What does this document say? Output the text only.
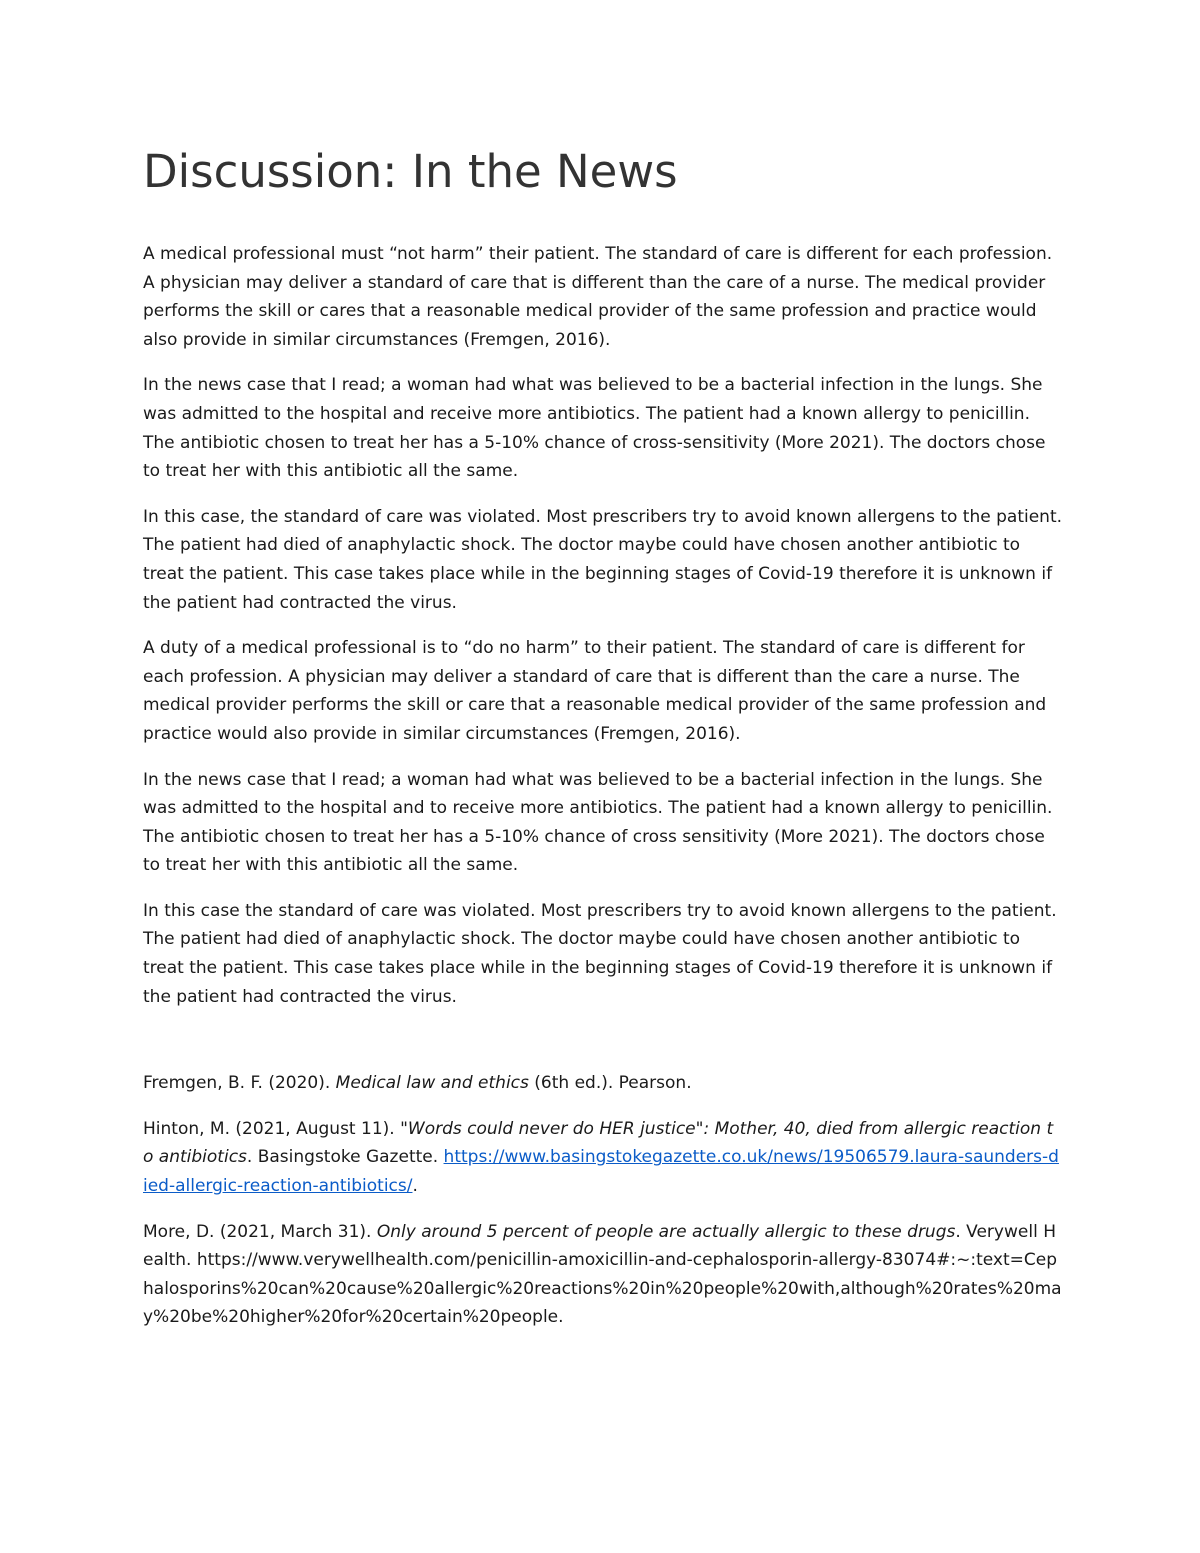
Discussion: In the News

A medical professional must “not harm” their patient. The standard of care is different for each profession. A physician may deliver a standard of care that is different than the care of a nurse. The medical provider performs the skill or cares that a reasonable medical provider of the same profession and practice would also provide in similar circumstances (Fremgen, 2016).

In the news case that I read; a woman had what was believed to be a bacterial infection in the lungs. She was admitted to the hospital and receive more antibiotics. The patient had a known allergy to penicillin. The antibiotic chosen to treat her has a 5-10% chance of cross-sensitivity (More 2021). The doctors chose to treat her with this antibiotic all the same.

In this case, the standard of care was violated. Most prescribers try to avoid known allergens to the patient. The patient had died of anaphylactic shock. The doctor maybe could have chosen another antibiotic to treat the patient. This case takes place while in the beginning stages of Covid-19 therefore it is unknown if the patient had contracted the virus.

A duty of a medical professional is to “do no harm” to their patient. The standard of care is different for each profession. A physician may deliver a standard of care that is different than the care a nurse. The medical provider performs the skill or care that a reasonable medical provider of the same profession and practice would also provide in similar circumstances (Fremgen, 2016).

In the news case that I read; a woman had what was believed to be a bacterial infection in the lungs. She was admitted to the hospital and to receive more antibiotics. The patient had a known allergy to penicillin. The antibiotic chosen to treat her has a 5-10% chance of cross sensitivity (More 2021). The doctors chose to treat her with this antibiotic all the same.

In this case the standard of care was violated. Most prescribers try to avoid known allergens to the patient. The patient had died of anaphylactic shock. The doctor maybe could have chosen another antibiotic to treat the patient. This case takes place while in the beginning stages of Covid-19 therefore it is unknown if the patient had contracted the virus.

Fremgen, B. F. (2020). Medical law and ethics (6th ed.). Pearson.

Hinton, M. (2021, August 11). "Words could never do HER justice": Mother, 40, died from allergic reaction to antibiotics. Basingstoke Gazette. https://www.basingstokegazette.co.uk/news/19506579.laura-saunders-died-allergic-reaction-antibiotics/.

More, D. (2021, March 31). Only around 5 percent of people are actually allergic to these drugs. Verywell Health. https://www.verywellhealth.com/penicillin-amoxicillin-and-cephalosporin-allergy-83074#:~:text=Cephalosporins%20can%20cause%20allergic%20reactions%20in%20people%20with,although%20rates%20may%20be%20higher%20for%20certain%20people.
